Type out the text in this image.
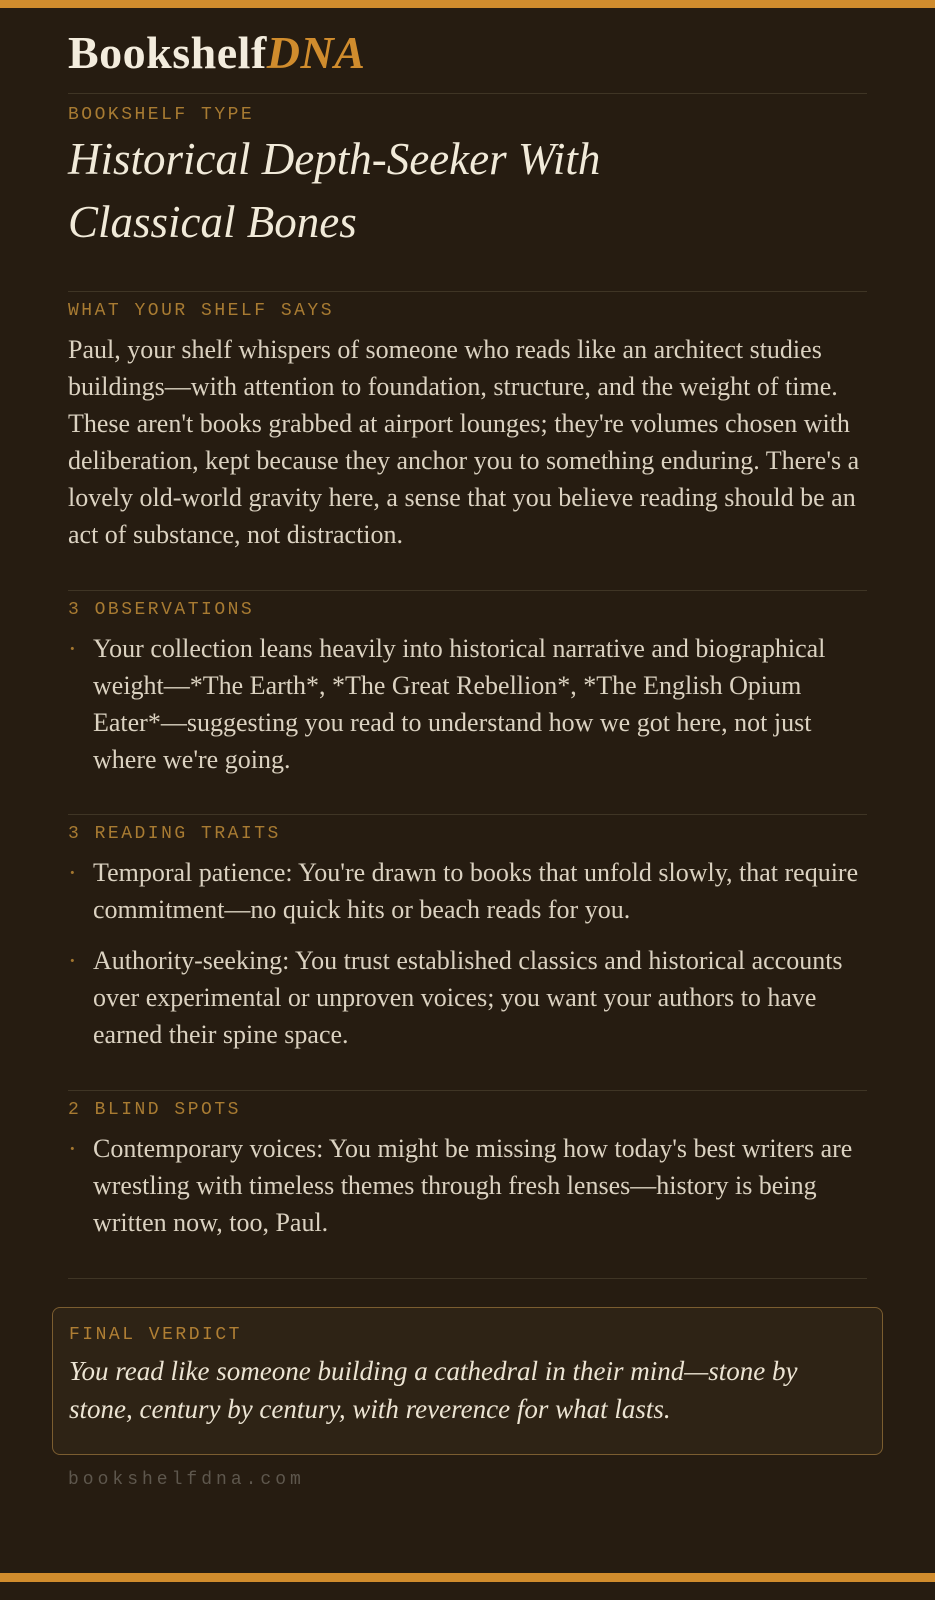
BookshelfDNA
BOOKSHELF TYPE
Historical Depth-Seeker With Classical Bones
WHAT YOUR SHELF SAYS

Paul, your shelf whispers of someone who reads like an architect studies buildings—with attention to foundation, structure, and the weight of time. These aren't books grabbed at airport lounges; they're volumes chosen with deliberation, kept because they anchor you to something enduring. There's a lovely old-world gravity here, a sense that you believe reading should be an act of substance, not distraction.

3 OBSERVATIONS
· Your collection leans heavily into historical narrative and biographical weight—*The Earth*, *The Great Rebellion*, *The English Opium Eater*—suggesting you read to understand how we got here, not just where we're going.

3 READING TRAITS
· Temporal patience: You're drawn to books that unfold slowly, that require commitment—no quick hits or beach reads for you.

· Authority-seeking: You trust established classics and historical accounts over experimental or unproven voices; you want your authors to have earned their spine space.

2 BLIND SPOTS
· Contemporary voices: You might be missing how today's best writers are wrestling with timeless themes through fresh lenses—history is being written now, too, Paul.

FINAL VERDICT

You read like someone building a cathedral in their mind—stone by stone, century by century, with reverence for what lasts.

bookshelfdna.com
